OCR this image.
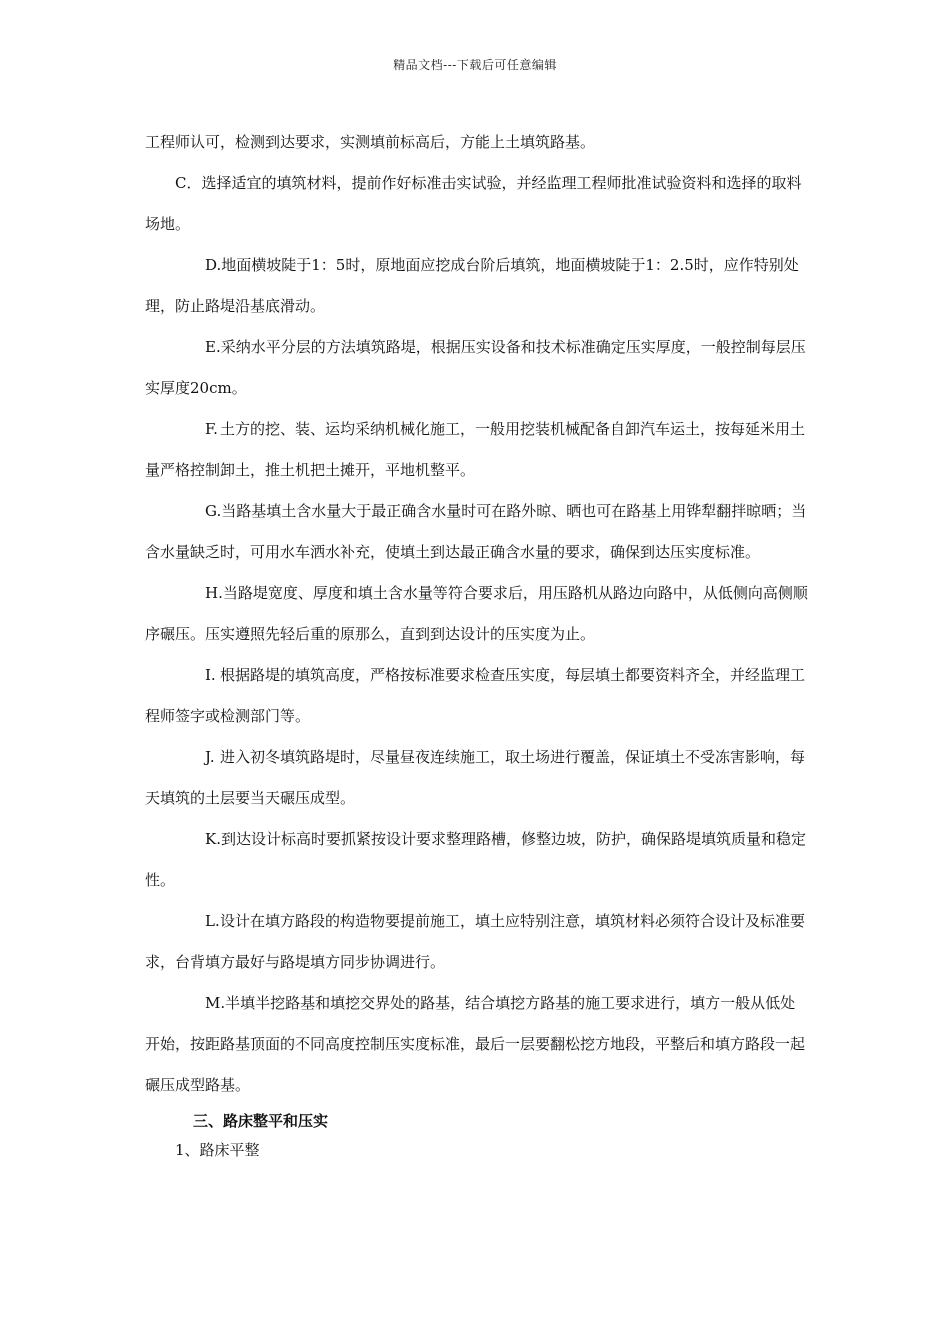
精品文档---下载后可任意编辑

工程师认可，检测到达要求，实测填前标高后，方能上土填筑路基。

C．选择适宜的填筑材料，提前作好标准击实试验，并经监理工程师批准试验资料和选择的取料场地。

D.地面横坡陡于1：5时，原地面应挖成台阶后填筑，地面横坡陡于1：2.5时，应作特别处理，防止路堤沿基底滑动。

E.采纳水平分层的方法填筑路堤，根据压实设备和技术标准确定压实厚度，一般控制每层压实厚度20cm。

F. 土方的挖、装、运均采纳机械化施工，一般用挖装机械配备自卸汽车运土，按每延米用土量严格控制卸土，推土机把土摊开，平地机整平。

G.当路基填土含水量大于最正确含水量时可在路外晾、晒也可在路基上用铧犁翻拌晾晒；当含水量缺乏时，可用水车洒水补充，使填土到达最正确含水量的要求，确保到达压实度标准。

H.当路堤宽度、厚度和填土含水量等符合要求后，用压路机从路边向路中，从低侧向高侧顺序碾压。压实遵照先轻后重的原那么，直到到达设计的压实度为止。

I. 根据路堤的填筑高度，严格按标准要求检查压实度，每层填土都要资料齐全，并经监理工程师签字或检测部门等。

J. 进入初冬填筑路堤时，尽量昼夜连续施工，取土场进行覆盖，保证填土不受冻害影响，每天填筑的土层要当天碾压成型。

K.到达设计标高时要抓紧按设计要求整理路槽，修整边坡，防护，确保路堤填筑质量和稳定性。

L.设计在填方路段的构造物要提前施工，填土应特别注意，填筑材料必须符合设计及标准要求，台背填方最好与路堤填方同步协调进行。

M.半填半挖路基和填挖交界处的路基，结合填挖方路基的施工要求进行，填方一般从低处开始，按距路基顶面的不同高度控制压实度标准，最后一层要翻松挖方地段，平整后和填方路段一起碾压成型路基。

三、路床整平和压实

1、路床平整
